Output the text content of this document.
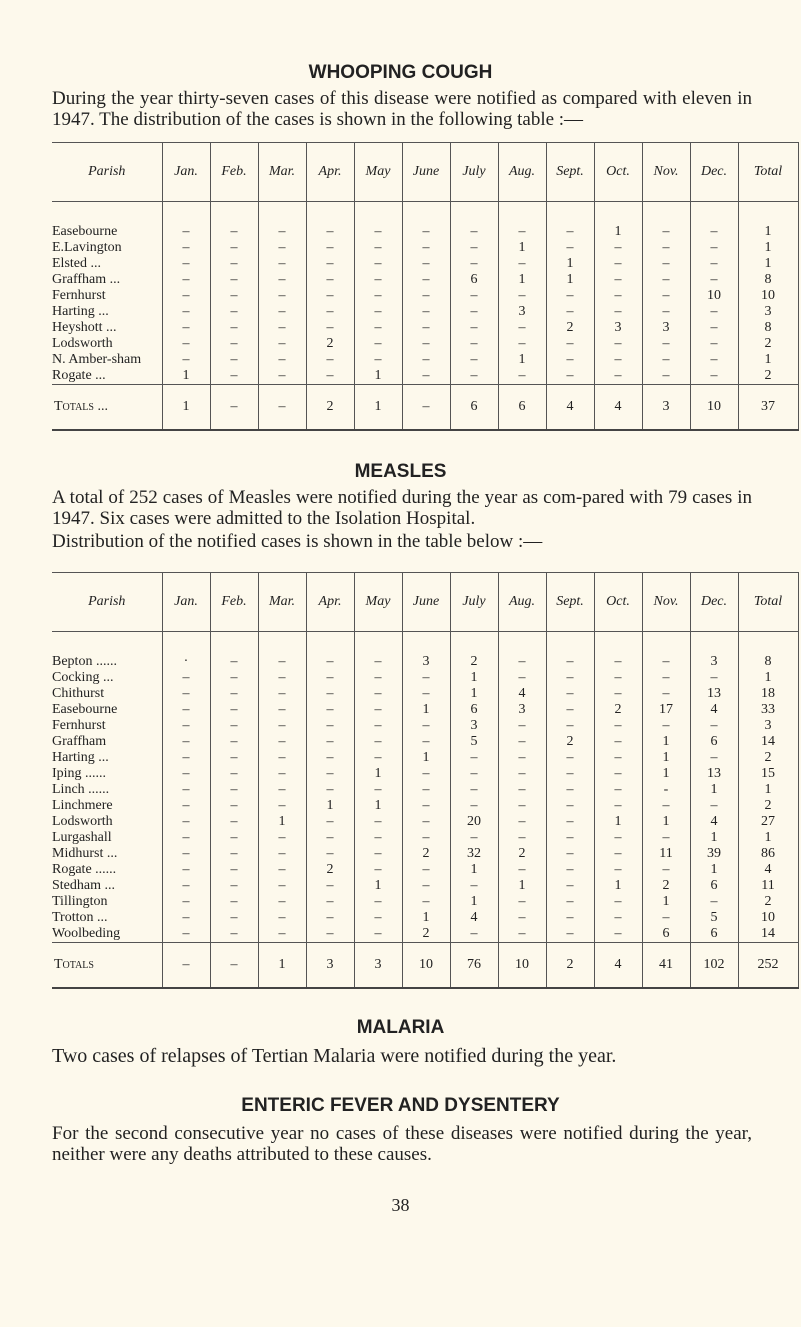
WHOOPING COUGH

During the year thirty-seven cases of this disease were notified as compared with eleven in 1947. The distribution of the cases is shown in the following table :—

Parish	Jan.	Feb.	Mar.	Apr.	May	June	July	Aug.	Sept.	Oct.	Nov.	Dec.	Total

Easebourne	–	–	–	–	–	–	–	–	–	1	–	–	1
E.Lavington	–	–	–	–	–	–	–	1	–	–	–	–	1
Elsted ...	–	–	–	–	–	–	–	–	1	–	–	–	1
Graffham ...	–	–	–	–	–	–	6	1	1	–	–	–	8
Fernhurst	–	–	–	–	–	–	–	–	–	–	–	10	10
Harting ...	–	–	–	–	–	–	–	3	–	–	–	–	3
Heyshott ...	–	–	–	–	–	–	–	–	2	3	3	–	8
Lodsworth	–	–	–	2	–	–	–	–	–	–	–	–	2
N. Amber-sham	–	–	–	–	–	–	–	1	–	–	–	–	1
Rogate ...	1	–	–	–	1	–	–	–	–	–	–	–	2
Totals ...	1	–	–	2	1	–	6	6	4	4	3	10	37
MEASLES

A total of 252 cases of Measles were notified during the year as com-pared with 79 cases in 1947. Six cases were admitted to the Isolation Hospital.

Distribution of the notified cases is shown in the table below :—

Parish	Jan.	Feb.	Mar.	Apr.	May	June	July	Aug.	Sept.	Oct.	Nov.	Dec.	Total

Bepton ......	·	–	–	–	–	3	2	–	–	–	–	3	8
Cocking ...	–	–	–	–	–	–	1	–	–	–	–	–	1
Chithurst	–	–	–	–	–	–	1	4	–	–	–	13	18
Easebourne	–	–	–	–	–	1	6	3	–	2	17	4	33
Fernhurst	–	–	–	–	–	–	3	–	–	–	–	–	3
Graffham	–	–	–	–	–	–	5	–	2	–	1	6	14
Harting ...	–	–	–	–	–	1	–	–	–	–	1	–	2
Iping ......	–	–	–	–	1	–	–	–	–	–	1	13	15
Linch ......	–	–	–	–	–	–	–	–	–	–	-	1	1
Linchmere	–	–	–	1	1	–	–	–	–	–	–	–	2
Lodsworth	–	–	1	–	–	–	20	–	–	1	1	4	27
Lurgashall	–	–	–	–	–	–	–	–	–	–	–	1	1
Midhurst ...	–	–	–	–	–	2	32	2	–	–	11	39	86
Rogate ......	–	–	–	2	–	–	1	–	–	–	–	1	4
Stedham ...	–	–	–	–	1	–	–	1	–	1	2	6	11
Tillington	–	–	–	–	–	–	1	–	–	–	1	–	2
Trotton ...	–	–	–	–	–	1	4	–	–	–	–	5	10
Woolbeding	–	–	–	–	–	2	–	–	–	–	6	6	14
Totals	–	–	1	3	3	10	76	10	2	4	41	102	252
MALARIA

Two cases of relapses of Tertian Malaria were notified during the year.

ENTERIC FEVER AND DYSENTERY

For the second consecutive year no cases of these diseases were notified during the year, neither were any deaths attributed to these causes.

38
